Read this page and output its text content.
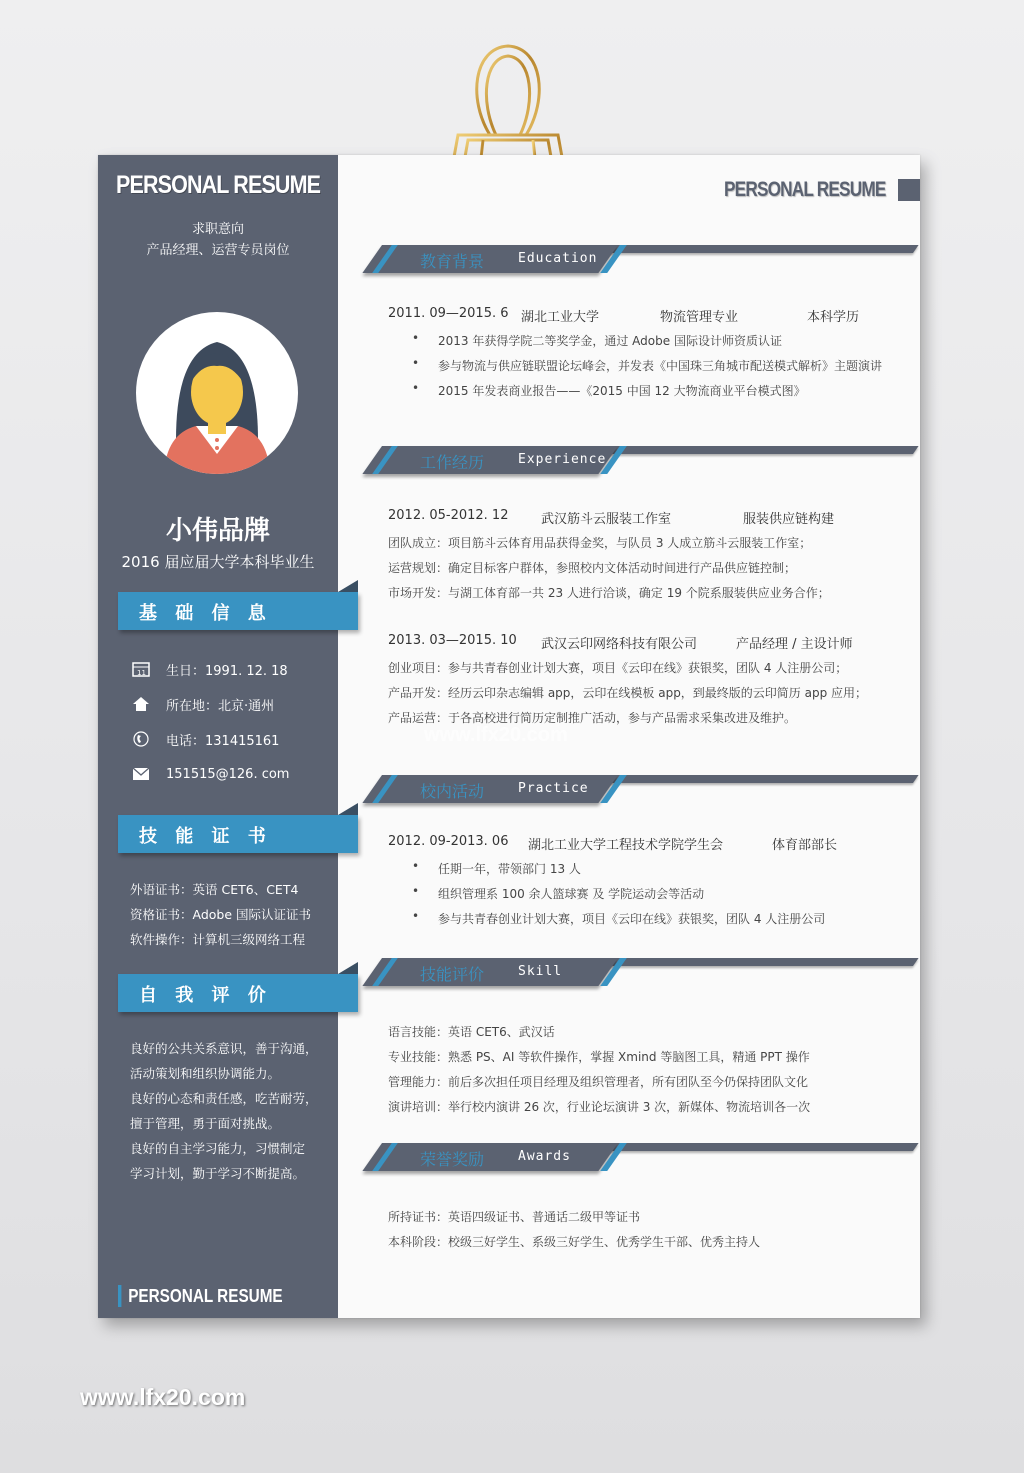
PERSONAL RESUME
求职意向
产品经理、运营专员岗位
小伟品牌
2016 届应届大学本科毕业生
基 础 信 息
11 生日：1991. 12. 18
所在地：北京·通州
电话：131415161
151515@126. com
技 能 证 书
外语证书：英语 CET6、CET4
资格证书：Adobe 国际认证证书
软件操作：计算机三级网络工程
自 我 评 价
良好的公共关系意识，善于沟通，
活动策划和组织协调能力。
良好的心态和责任感，吃苦耐劳，
擅于管理，勇于面对挑战。
良好的自主学习能力，习惯制定
学习计划，勤于学习不断提高。
PERSONAL RESUME
PERSONAL RESUME
教育背景	Education
2011. 09—2015. 6 湖北工业大学	物流管理专业	本科学历
• 2013 年获得学院二等奖学金，通过 Adobe 国际设计师资质认证
• 参与物流与供应链联盟论坛峰会，并发表《中国珠三角城市配送模式解析》主题演讲
• 2015 年发表商业报告——《2015 中国 12 大物流商业平台模式图》
工作经历	Experience
2012. 05-2012. 12	武汉筋斗云服装工作室	服装供应链构建
团队成立：项目筋斗云体育用品获得金奖，与队员 3 人成立筋斗云服装工作室；
运营规划：确定目标客户群体，参照校内文体活动时间进行产品供应链控制；
市场开发：与湖工体育部一共 23 人进行洽谈，确定 19 个院系服装供应业务合作；
2013. 03—2015. 10 武汉云印网络科技有限公司	产品经理 / 主设计师
创业项目：参与共青春创业计划大赛，项目《云印在线》获银奖，团队 4 人注册公司；
产品开发：经历云印杂志编辑 app，云印在线模板 app，到最终版的云印简历 app 应用；
产品运营：于各高校进行简历定制推广活动，参与产品需求采集改进及维护。
校内活动	Practice
2012. 09-2013. 06 湖北工业大学工程技术学院学生会	体育部部长
• 任期一年，带领部门 13 人
• 组织管理系 100 余人篮球赛 及 学院运动会等活动
• 参与共青春创业计划大赛，项目《云印在线》获银奖，团队 4 人注册公司
技能评价	Skill
语言技能：英语 CET6、武汉话
专业技能：熟悉 PS、AI 等软件操作，掌握 Xmind 等脑图工具，精通 PPT 操作
管理能力：前后多次担任项目经理及组织管理者，所有团队至今仍保持团队文化
演讲培训：举行校内演讲 26 次，行业论坛演讲 3 次，新媒体、物流培训各一次
荣誉奖励	Awards
所持证书：英语四级证书、普通话二级甲等证书
本科阶段：校级三好学生、系级三好学生、优秀学生干部、优秀主持人
www.lfx20.com
www.lfx20.com
